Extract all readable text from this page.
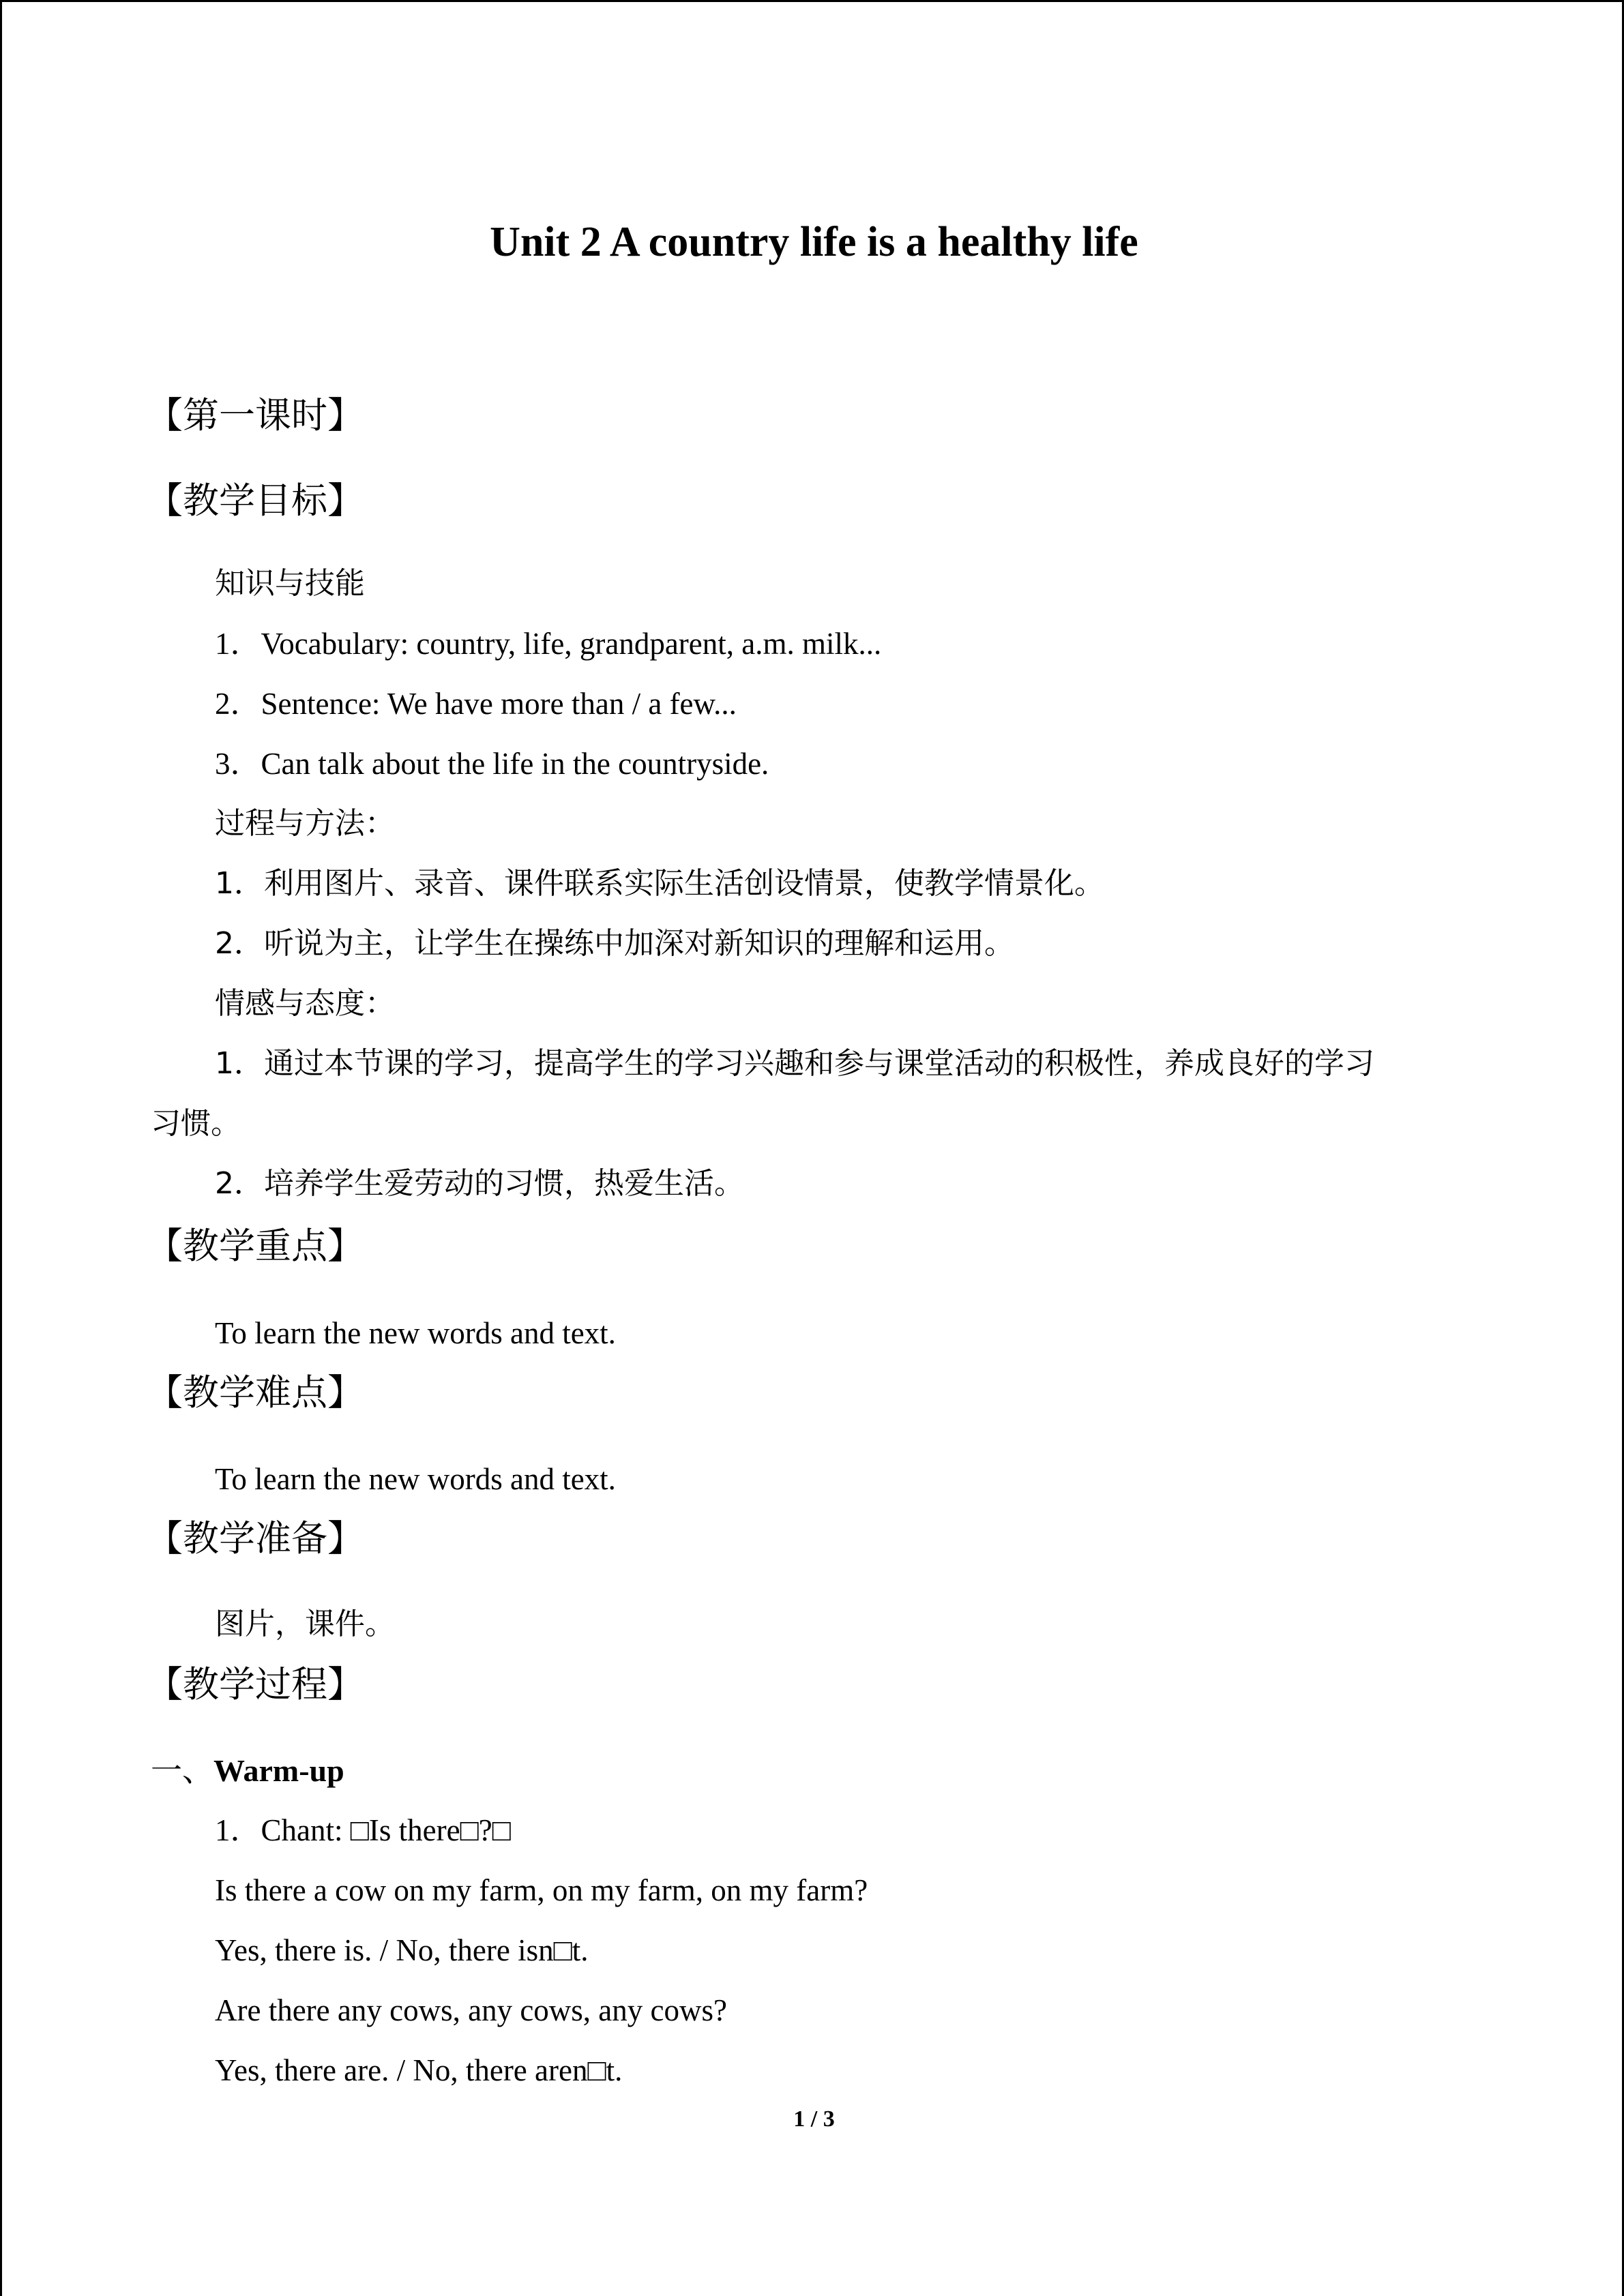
Unit 2 A country life is a healthy life
【第一课时】
【教学目标】
知识与技能
1．Vocabulary: country, life, grandparent, a.m. milk...
2．Sentence: We have more than / a few...
3．Can talk about the life in the countryside.
过程与方法：
1．利用图片、录音、课件联系实际生活创设情景，使教学情景化。
2．听说为主，让学生在操练中加深对新知识的理解和运用。
情感与态度：
1．通过本节课的学习，提高学生的学习兴趣和参与课堂活动的积极性，养成良好的学习
习惯。
2．培养学生爱劳动的习惯，热爱生活。
【教学重点】
To learn the new words and text.
【教学难点】
To learn the new words and text.
【教学准备】
图片，课件。
【教学过程】
一、Warm-up
1．Chant: □Is there□?□
Is there a cow on my farm, on my farm, on my farm?
Yes, there is. / No, there isn□t.
Are there any cows, any cows, any cows?
Yes, there are. / No, there aren□t.
1 / 3
